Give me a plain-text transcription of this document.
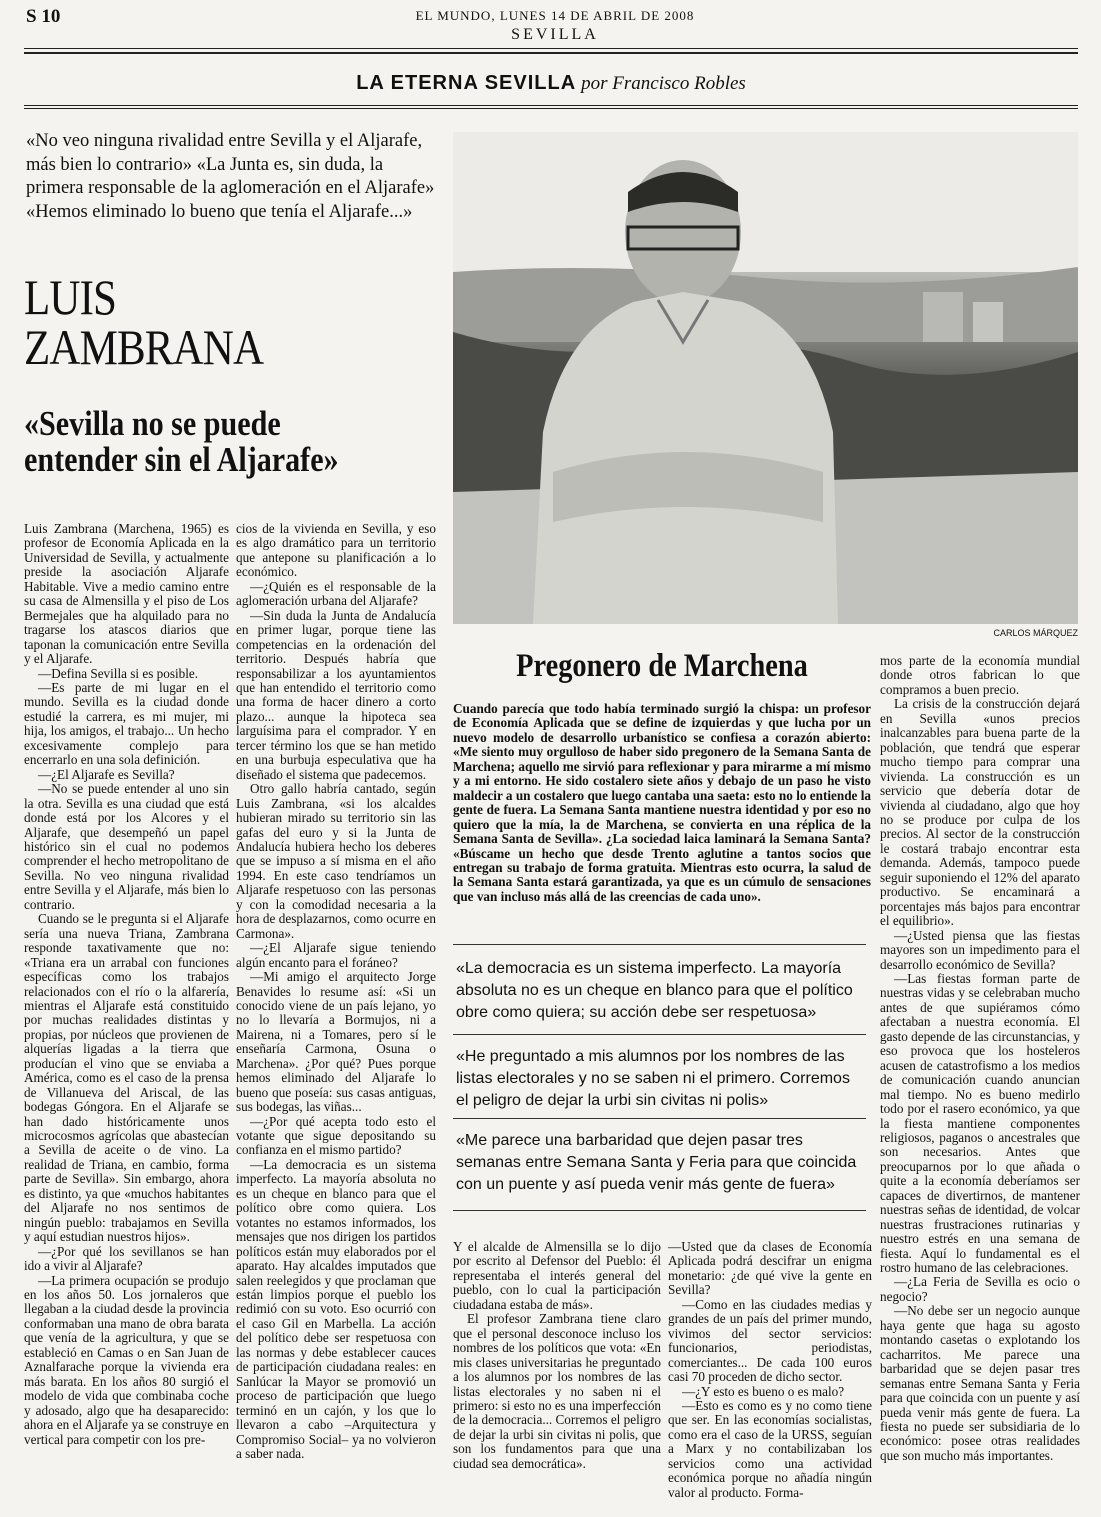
S 10	EL MUNDO, LUNES 14 DE ABRIL DE 2008
SEVILLA
LA ETERNA SEVILLA por Francisco Robles
«No veo ninguna rivalidad entre Sevilla y el Aljarafe, más bien lo contrario» «La Junta es, sin duda, la primera responsable de la aglomeración en el Aljarafe» «Hemos eliminado lo bueno que tenía el Aljarafe...»
LUIS
ZAMBRANA
«Sevilla no se puede
entender sin el Aljarafe»
CARLOS MÁRQUEZ

Luis Zambrana (Marchena, 1965) es profesor de Economía Aplicada en la Universidad de Sevilla, y actualmente preside la asociación Aljarafe Habitable. Vive a medio camino entre su casa de Almensilla y el piso de Los Bermejales que ha alquilado para no tragarse los atascos diarios que taponan la comunicación entre Sevilla y el Aljarafe.

—Defina Sevilla si es posible.

—Es parte de mi lugar en el mundo. Sevilla es la ciudad donde estudié la carrera, es mi mujer, mi hija, los amigos, el trabajo... Un hecho excesivamente complejo para encerrarlo en una sola definición.

—¿El Aljarafe es Sevilla?

—No se puede entender al uno sin la otra. Sevilla es una ciudad que está donde está por los Alcores y el Aljarafe, que desempeñó un papel histórico sin el cual no podemos comprender el hecho metropolitano de Sevilla. No veo ninguna rivalidad entre Sevilla y el Aljarafe, más bien lo contrario.

Cuando se le pregunta si el Aljarafe sería una nueva Triana, Zambrana responde taxativamente que no: «Triana era un arrabal con funciones específicas como los trabajos relacionados con el río o la alfarería, mientras el Aljarafe está constituido por muchas realidades distintas y propias, por núcleos que provienen de alquerías ligadas a la tierra que producían el vino que se enviaba a América, como es el caso de la prensa de Villanueva del Ariscal, de las bodegas Góngora. En el Aljarafe se han dado históricamente unos microcosmos agrícolas que abastecían a Sevilla de aceite o de vino. La realidad de Triana, en cambio, forma parte de Sevilla». Sin embargo, ahora es distinto, ya que «muchos habitantes del Aljarafe no nos sentimos de ningún pueblo: trabajamos en Sevilla y aquí estudian nuestros hijos».

—¿Por qué los sevillanos se han ido a vivir al Aljarafe?

—La primera ocupación se produjo en los años 50. Los jornaleros que llegaban a la ciudad desde la provincia conformaban una mano de obra barata que venía de la agricultura, y que se estableció en Camas o en San Juan de Aznalfarache porque la vivienda era más barata. En los años 80 surgió el modelo de vida que combinaba coche y adosado, algo que ha desaparecido: ahora en el Aljarafe ya se construye en vertical para competir con los pre-

cios de la vivienda en Sevilla, y eso es algo dramático para un territorio que antepone su planificación a lo económico.

—¿Quién es el responsable de la aglomeración urbana del Aljarafe?

—Sin duda la Junta de Andalucía en primer lugar, porque tiene las competencias en la ordenación del territorio. Después habría que responsabilizar a los ayuntamientos que han entendido el territorio como una forma de hacer dinero a corto plazo... aunque la hipoteca sea larguísima para el comprador. Y en tercer término los que se han metido en una burbuja especulativa que ha diseñado el sistema que padecemos.

Otro gallo habría cantado, según Luis Zambrana, «si los alcaldes hubieran mirado su territorio sin las gafas del euro y si la Junta de Andalucía hubiera hecho los deberes que se impuso a sí misma en el año 1994. En este caso tendríamos un Aljarafe respetuoso con las personas y con la comodidad necesaria a la hora de desplazarnos, como ocurre en Carmona».

—¿El Aljarafe sigue teniendo algún encanto para el foráneo?

—Mi amigo el arquitecto Jorge Benavides lo resume así: «Si un conocido viene de un país lejano, yo no lo llevaría a Bormujos, ni a Mairena, ni a Tomares, pero sí le enseñaría Carmona, Osuna o Marchena». ¿Por qué? Pues porque hemos eliminado del Aljarafe lo bueno que poseía: sus casas antiguas, sus bodegas, las viñas...

—¿Por qué acepta todo esto el votante que sigue depositando su confianza en el mismo partido?

—La democracia es un sistema imperfecto. La mayoría absoluta no es un cheque en blanco para que el político obre como quiera. Los votantes no estamos informados, los mensajes que nos dirigen los partidos políticos están muy elaborados por el aparato. Hay alcaldes imputados que salen reelegidos y que proclaman que están limpios porque el pueblo los redimió con su voto. Eso ocurrió con el caso Gil en Marbella. La acción del político debe ser respetuosa con las normas y debe establecer cauces de participación ciudadana reales: en Sanlúcar la Mayor se promovió un proceso de participación que luego terminó en un cajón, y los que lo llevaron a cabo –Arquitectura y Compromiso Social– ya no volvieron a saber nada.

Pregonero de Marchena
Cuando parecía que todo había terminado surgió la chispa: un profesor de Economía Aplicada que se define de izquierdas y que lucha por un nuevo modelo de desarrollo urbanístico se confiesa a corazón abierto: «Me siento muy orgulloso de haber sido pregonero de la Semana Santa de Marchena; aquello me sirvió para reflexionar y para mirarme a mí mismo y a mi entorno. He sido costalero siete años y debajo de un paso he visto maldecir a un costalero que luego cantaba una saeta: esto no lo entiende la gente de fuera. La Semana Santa mantiene nuestra identidad y por eso no quiero que la mía, la de Marchena, se convierta en una réplica de la Semana Santa de Sevilla». ¿La sociedad laica laminará la Semana Santa? «Búscame un hecho que desde Trento aglutine a tantos socios que entregan su trabajo de forma gratuita. Mientras esto ocurra, la salud de la Semana Santa estará garantizada, ya que es un cúmulo de sensaciones que van incluso más allá de las creencias de cada uno».

mos parte de la economía mundial donde otros fabrican lo que compramos a buen precio.

La crisis de la construcción dejará en Sevilla «unos precios inalcanzables para buena parte de la población, que tendrá que esperar mucho tiempo para comprar una vivienda. La construcción es un servicio que debería dotar de vivienda al ciudadano, algo que hoy no se produce por culpa de los precios. Al sector de la construcción le costará trabajo encontrar esta demanda. Además, tampoco puede seguir suponiendo el 12% del aparato productivo. Se encaminará a porcentajes más bajos para encontrar el equilibrio».

—¿Usted piensa que las fiestas mayores son un impedimento para el desarrollo económico de Sevilla?

—Las fiestas forman parte de nuestras vidas y se celebraban mucho antes de que supiéramos cómo afectaban a nuestra economía. El gasto depende de las circunstancias, y eso provoca que los hosteleros acusen de catastrofismo a los medios de comunicación cuando anuncian mal tiempo. No es bueno medirlo todo por el rasero económico, ya que la fiesta mantiene componentes religiosos, paganos o ancestrales que son necesarios. Antes que preocuparnos por lo que añada o quite a la economía deberíamos ser capaces de divertirnos, de mantener nuestras señas de identidad, de volcar nuestras frustraciones rutinarias y nuestro estrés en una semana de fiesta. Aquí lo fundamental es el rostro humano de las celebraciones.

—¿La Feria de Sevilla es ocio o negocio?

—No debe ser un negocio aunque haya gente que haga su agosto montando casetas o explotando los cacharritos. Me parece una barbaridad que se dejen pasar tres semanas entre Semana Santa y Feria para que coincida con un puente y así pueda venir más gente de fuera. La fiesta no puede ser subsidiaria de lo económico: posee otras realidades que son mucho más importantes.

«La democracia es un sistema imperfecto. La mayoría absoluta no es un cheque en blanco para que el político obre como quiera; su acción debe ser respetuosa»
«He preguntado a mis alumnos por los nombres de las listas electorales y no se saben ni el primero. Corremos el peligro de dejar la urbi sin civitas ni polis»
«Me parece una barbaridad que dejen pasar tres semanas entre Semana Santa y Feria para que coincida con un puente y así pueda venir más gente de fuera»

Y el alcalde de Almensilla se lo dijo por escrito al Defensor del Pueblo: él representaba el interés general del pueblo, con lo cual la participación ciudadana estaba de más».

El profesor Zambrana tiene claro que el personal desconoce incluso los nombres de los políticos que vota: «En mis clases universitarias he preguntado a los alumnos por los nombres de las listas electorales y no saben ni el primero: si esto no es una imperfección de la democracia... Corremos el peligro de dejar la urbi sin civitas ni polis, que son los fundamentos para que una ciudad sea democrática».

—Usted que da clases de Economía Aplicada podrá descifrar un enigma monetario: ¿de qué vive la gente en Sevilla?

—Como en las ciudades medias y grandes de un país del primer mundo, vivimos del sector servicios: funcionarios, periodistas, comerciantes... De cada 100 euros casi 70 proceden de dicho sector.

—¿Y esto es bueno o es malo?

—Esto es como es y no como tiene que ser. En las economías socialistas, como era el caso de la URSS, seguían a Marx y no contabilizaban los servicios como una actividad económica porque no añadía ningún valor al producto. Forma-
